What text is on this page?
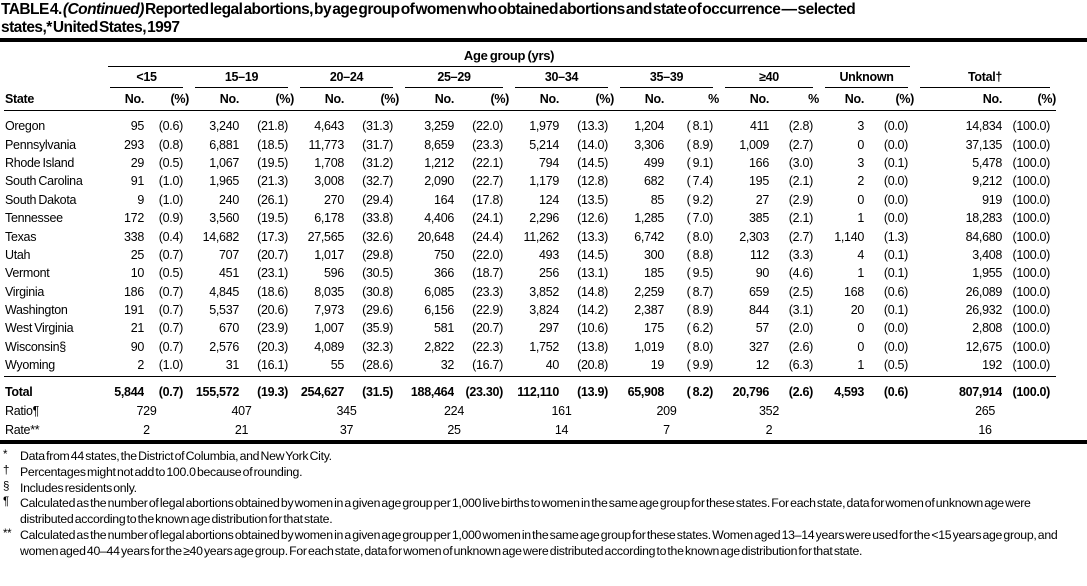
TABLE 4. (Continued) Reported legal abortions, by age group of women who obtained abortions and state of occurrence — selected
states,* United States, 1997

	Age group (yrs)																	

	<15		15–19		20–24		25–29		30–34		35–39		≥40		Unknown		Total†	

State	No.	(%)	No.	(%)	No.	(%)	No.	(%)	No.	(%)	No.	%	No.	%	No.	(%)	No.	(%)
Oregon	95	(0.6)	3,240	(21.8)	4,643	(31.3)	3,259	(22.0)	1,979	(13.3)	1,204	( 8.1)	411	(2.8)	3	(0.0)	14,834	(100.0)
Pennsylvania	293	(0.8)	6,881	(18.5)	11,773	(31.7)	8,659	(23.3)	5,214	(14.0)	3,306	( 8.9)	1,009	(2.7)	0	(0.0)	37,135	(100.0)
Rhode Island	29	(0.5)	1,067	(19.5)	1,708	(31.2)	1,212	(22.1)	794	(14.5)	499	( 9.1)	166	(3.0)	3	(0.1)	5,478	(100.0)
South Carolina	91	(1.0)	1,965	(21.3)	3,008	(32.7)	2,090	(22.7)	1,179	(12.8)	682	( 7.4)	195	(2.1)	2	(0.0)	9,212	(100.0)
South Dakota	9	(1.0)	240	(26.1)	270	(29.4)	164	(17.8)	124	(13.5)	85	( 9.2)	27	(2.9)	0	(0.0)	919	(100.0)
Tennessee	172	(0.9)	3,560	(19.5)	6,178	(33.8)	4,406	(24.1)	2,296	(12.6)	1,285	( 7.0)	385	(2.1)	1	(0.0)	18,283	(100.0)
Texas	338	(0.4)	14,682	(17.3)	27,565	(32.6)	20,648	(24.4)	11,262	(13.3)	6,742	( 8.0)	2,303	(2.7)	1,140	(1.3)	84,680	(100.0)
Utah	25	(0.7)	707	(20.7)	1,017	(29.8)	750	(22.0)	493	(14.5)	300	( 8.8)	112	(3.3)	4	(0.1)	3,408	(100.0)
Vermont	10	(0.5)	451	(23.1)	596	(30.5)	366	(18.7)	256	(13.1)	185	( 9.5)	90	(4.6)	1	(0.1)	1,955	(100.0)
Virginia	186	(0.7)	4,845	(18.6)	8,035	(30.8)	6,085	(23.3)	3,852	(14.8)	2,259	( 8.7)	659	(2.5)	168	(0.6)	26,089	(100.0)
Washington	191	(0.7)	5,537	(20.6)	7,973	(29.6)	6,156	(22.9)	3,824	(14.2)	2,387	( 8.9)	844	(3.1)	20	(0.1)	26,932	(100.0)
West Virginia	21	(0.7)	670	(23.9)	1,007	(35.9)	581	(20.7)	297	(10.6)	175	( 6.2)	57	(2.0)	0	(0.0)	2,808	(100.0)
Wisconsin§	90	(0.7)	2,576	(20.3)	4,089	(32.3)	2,822	(22.3)	1,752	(13.8)	1,019	( 8.0)	327	(2.6)	0	(0.0)	12,675	(100.0)
Wyoming	2	(1.0)	31	(16.1)	55	(28.6)	32	(16.7)	40	(20.8)	19	( 9.9)	12	(6.3)	1	(0.5)	192	(100.0)
Total	5,844	(0.7)	155,572	(19.3)	254,627	(31.5)	188,464	(23.30)	112,110	(13.9)	65,908	( 8.2)	20,796	(2.6)	4,593	(0.6)	807,914	(100.0)
Ratio¶	729		407		345		224		161		209		352				265	
Rate**	2		21		37		25		14		7		2				16	
*	Data from 44 states, the District of Columbia, and New York City.
† Percentages might not add to 100.0 because of rounding.
§ Includes residents only.
¶ Calculated as the number of legal abortions obtained by women in a given age group per 1,000 live births to women in the same age group for these states. For each state, data for women of unknown age were distributed according to the known age distribution for that state.
** Calculated as the number of legal abortions obtained by women in a given age group per 1,000 women in the same age group for these states. Women aged 13–14 years were used for the <15 years age group, and women aged 40–44 years for the ≥40 years age group. For each state, data for women of unknown age were distributed according to the known age distribution for that state.
